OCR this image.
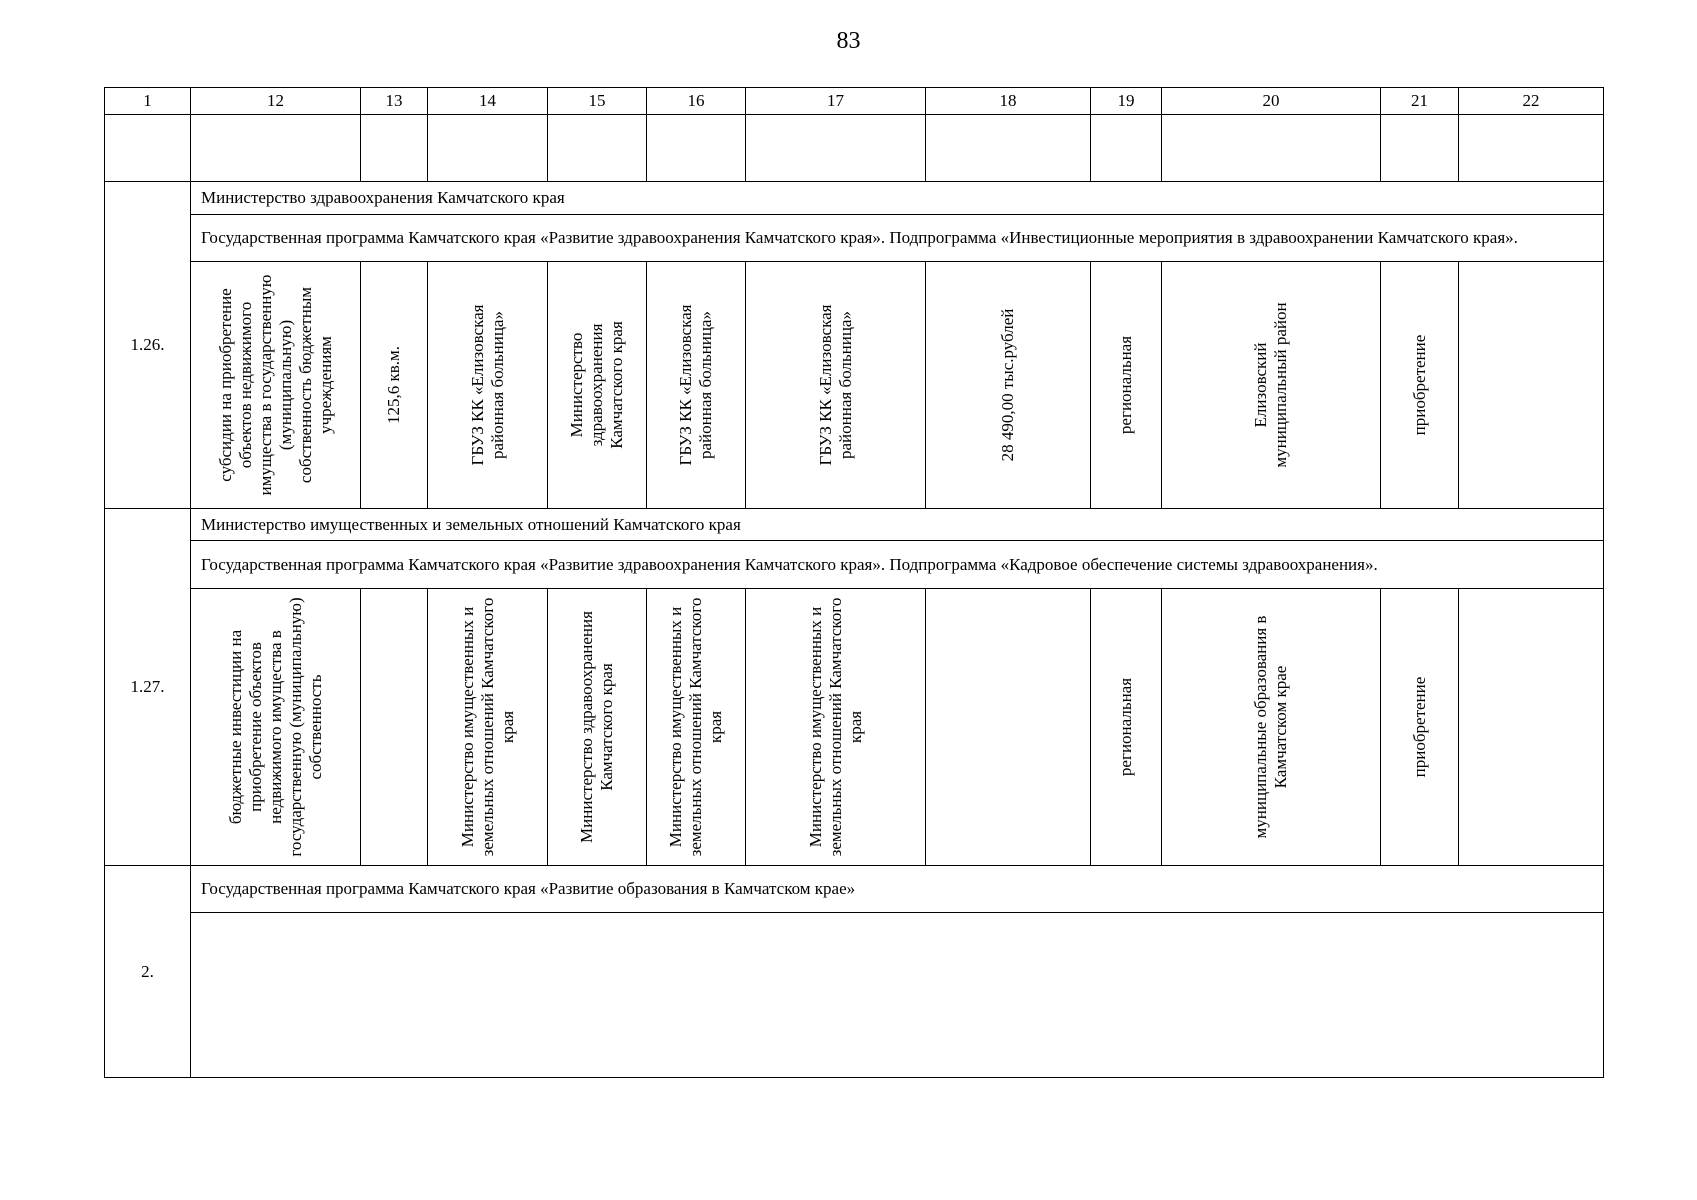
83
1	12	13	14	15	16	17	18	19	20	21	22

1.26.	Министерство здравоохранения Камчатского края										
	Государственная программа Камчатского края «Развитие здравоохранения Камчатского края». Подпрограмма «Инвестиционные мероприятия в здравоохранении Камчатского края».										

	субсидии на приобретение объектов недвижимого имущества в государственную (муниципальную) собственность бюджетным учреждениям	125,6 кв.м.	ГБУЗ КК «Елизовская районная больница»	Министерство здравоохранения Камчатского края	ГБУЗ КК «Елизовская районная больница»	ГБУЗ КК «Елизовская районная больница»	28 490,00 тыс.рублей	региональная	Елизовский муниципальный район	приобретение	

1.27.	Министерство имущественных и земельных отношений Камчатского края										
	Государственная программа Камчатского края «Развитие здравоохранения Камчатского края». Подпрограмма «Кадровое обеспечение системы здравоохранения».										

	бюджетные инвестиции на приобретение объектов недвижимого имущества в государственную (муниципальную) собственность		Министерство имущественных и земельных отношений Камчатского края	Министерство здравоохранения Камчатского края	Министерство имущественных и земельных отношений Камчатского края	Министерство имущественных и земельных отношений Камчатского края		региональная	муниципальные образования в Камчатском крае	приобретение	

2.	Государственная программа Камчатского края «Развитие образования в Камчатском крае»										
